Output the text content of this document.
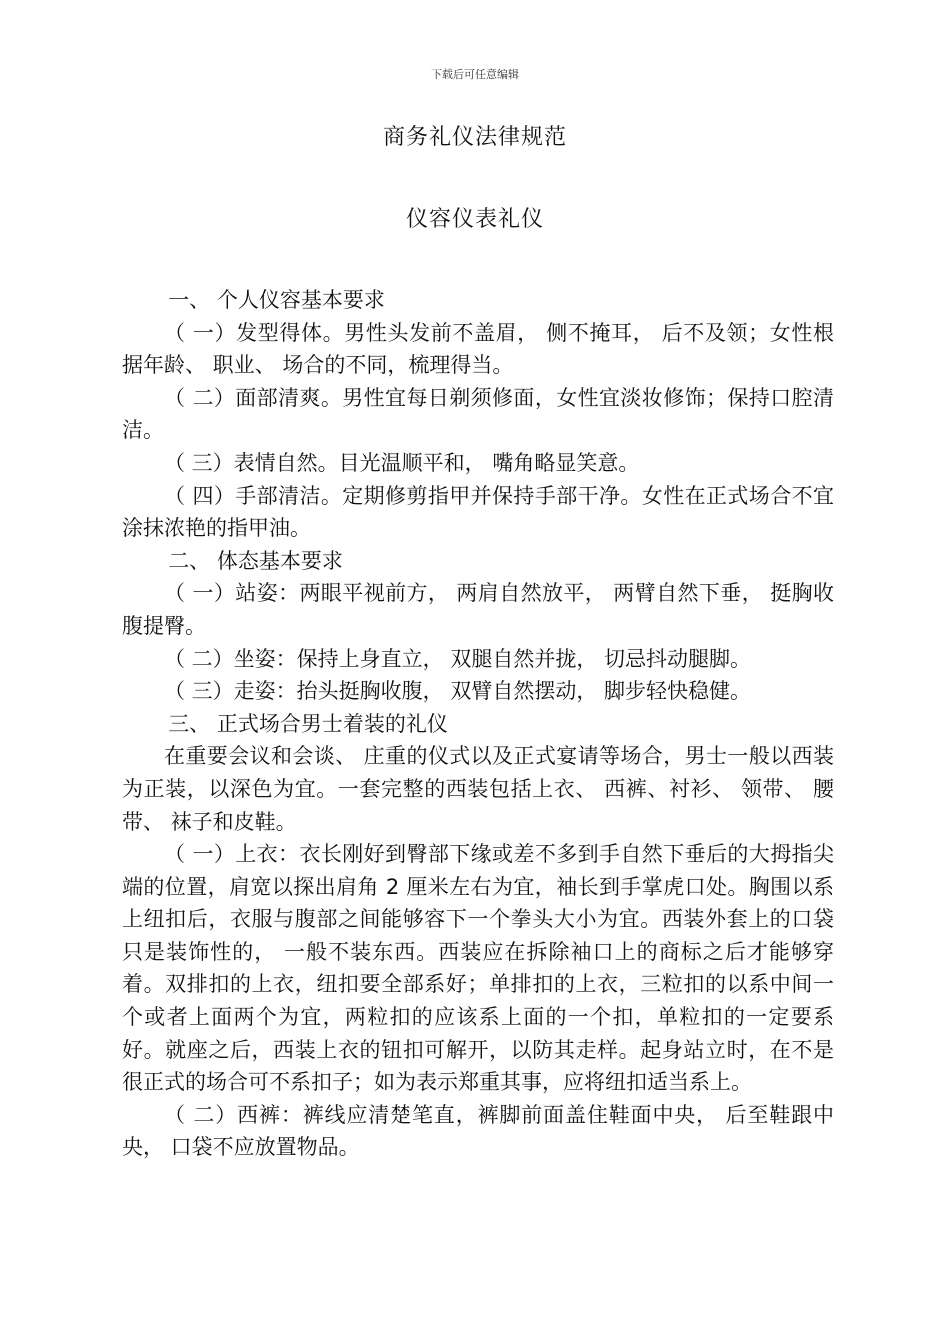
下载后可任意编辑
商务礼仪法律规范
仪容仪表礼仪

一、 个人仪容基本要求

（ 一）发型得体。男性头发前不盖眉， 侧不掩耳， 后不及领；女性根据年龄、 职业、 场合的不同，梳理得当。

（ 二）面部清爽。男性宜每日剃须修面，女性宜淡妆修饰；保持口腔清洁。

（ 三）表情自然。目光温顺平和， 嘴角略显笑意。

（ 四）手部清洁。定期修剪指甲并保持手部干净。女性在正式场合不宜涂抹浓艳的指甲油。

二、 体态基本要求

（ 一）站姿：两眼平视前方， 两肩自然放平， 两臂自然下垂， 挺胸收腹提臀。

（ 二）坐姿：保持上身直立， 双腿自然并拢， 切忌抖动腿脚。

（ 三）走姿：抬头挺胸收腹， 双臂自然摆动， 脚步轻快稳健。

三、 正式场合男士着装的礼仪

在重要会议和会谈、 庄重的仪式以及正式宴请等场合，男士一般以西装为正装，以深色为宜。一套完整的西装包括上衣、 西裤、衬衫、 领带、 腰带、 袜子和皮鞋。

（ 一）上衣：衣长刚好到臀部下缘或差不多到手自然下垂后的大拇指尖端的位置，肩宽以探出肩角 2 厘米左右为宜，袖长到手掌虎口处。胸围以系上纽扣后，衣服与腹部之间能够容下一个拳头大小为宜。西装外套上的口袋只是装饰性的， 一般不装东西。西装应在拆除袖口上的商标之后才能够穿着。双排扣的上衣，纽扣要全部系好；单排扣的上衣，三粒扣的以系中间一个或者上面两个为宜，两粒扣的应该系上面的一个扣，单粒扣的一定要系好。就座之后，西装上衣的钮扣可解开，以防其走样。起身站立时，在不是很正式的场合可不系扣子；如为表示郑重其事，应将纽扣适当系上。

（ 二）西裤：裤线应清楚笔直，裤脚前面盖住鞋面中央， 后至鞋跟中央， 口袋不应放置物品。
